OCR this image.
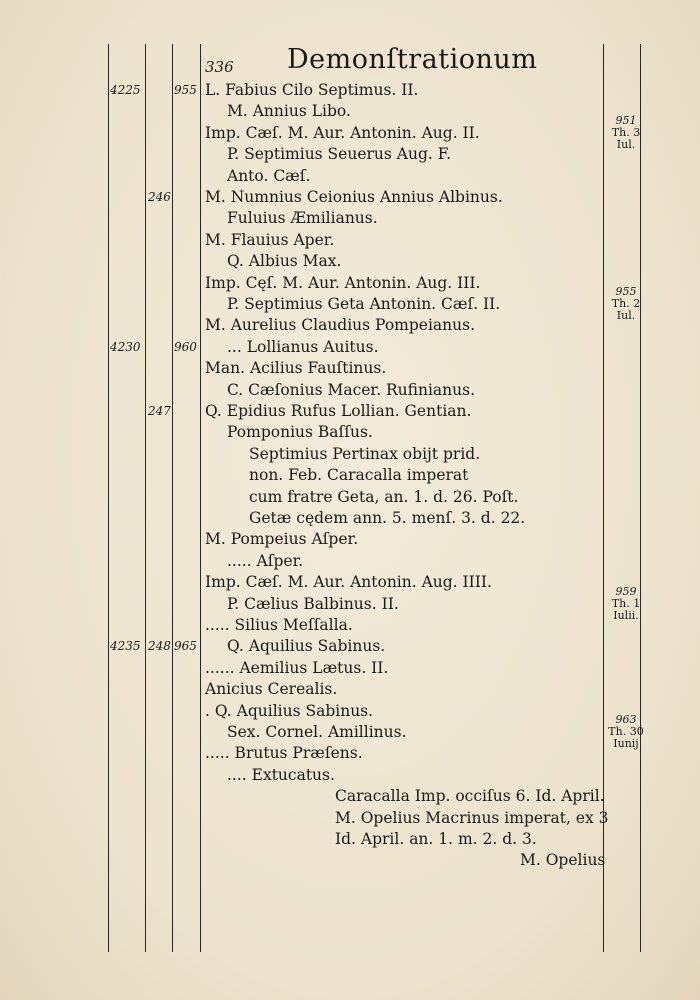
336 Demonſtrationum
L. Fabius Cilo Septimus. II.
M. Annius Libo.
Imp. Cæſ. M. Aur. Antonin. Aug. II.
P. Septimius Seuerus Aug. F.
Anto. Cæſ.
M. Numnius Ceionius Annius Albinus.
Fuluius Æmilianus.
M. Flauius Aper.
Q. Albius Max.
Imp. Cęſ. M. Aur. Antonin. Aug. III.
P. Septimius Geta Antonin. Cæſ. II.
M. Aurelius Claudius Pompeianus.
... Lollianus Auitus.
Man. Acilius Fauſtinus.
C. Cæſonius Macer. Rufinianus.
Q. Epidius Rufus Lollian. Gentian.
Pomponius Baſſus.
Septimius Pertinax obijt prid.
non. Feb. Caracalla imperat
cum fratre Geta, an. 1. d. 26. Poſt.
Getæ cędem ann. 5. menſ. 3. d. 22.
M. Pompeius Aſper.
..... Aſper.
Imp. Cæſ. M. Aur. Antonin. Aug. IIII.
P. Cælius Balbinus. II.
..... Silius Meſſalla.
Q. Aquilius Sabinus.
...... Aemilius Lætus. II.
Anicius Cerealis.
. Q. Aquilius Sabinus.
Sex. Cornel. Amillinus.
..... Brutus Præſens.
.... Extucatus.
Caracalla Imp. occiſus 6. Id. April.
M. Opelius Macrinus imperat, ex 3
Id. April. an. 1. m. 2. d. 3.
M. Opelius
4225	955
246
4230	960
247
4235 248 965
951
Th. 3
Iul.
955
Th. 2
Iul.
959
Th. 1
Iulii.
963
Th. 30
Iunij
